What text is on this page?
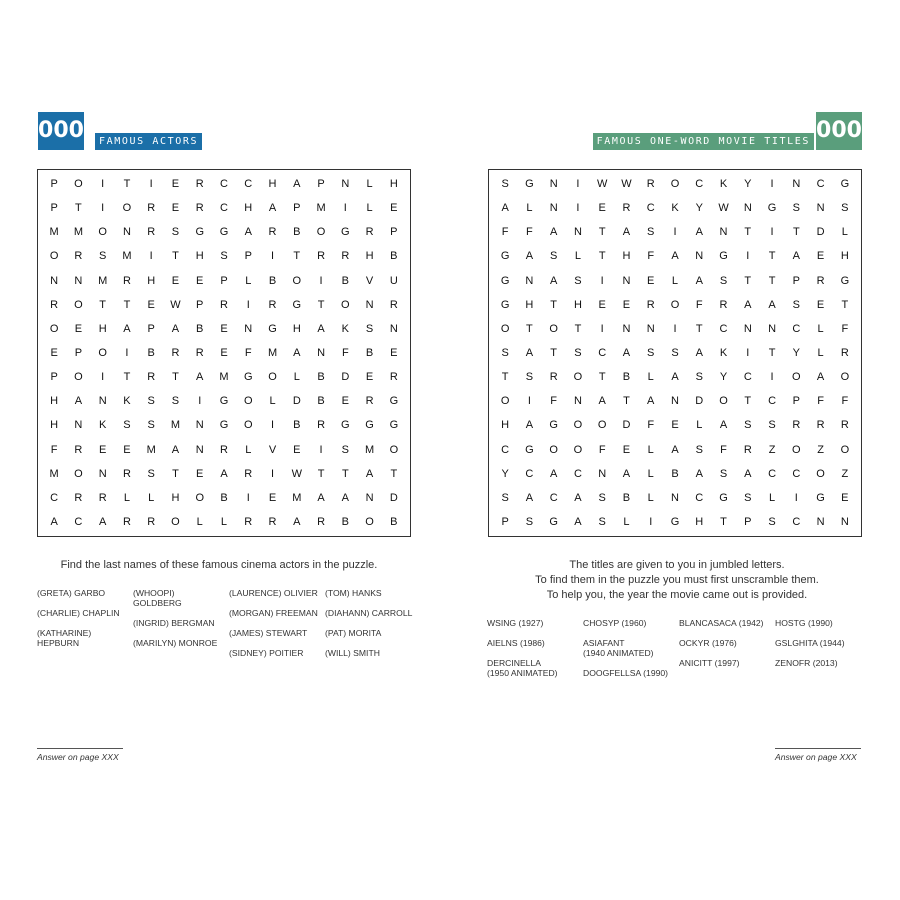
000	FAMOUS ACTORS
P	O	I	T	I	E	R	C	C	H	A	P	N	L	H
P	T	I	O	R	E	R	C	H	A	P	M	I	L	E
M	M	O	N	R	S	G	G	A	R	B	O	G	R	P
O	R	S	M	I	T	H	S	P	I	T	R	R	H	B
N	N	M	R	H	E	E	P	L	B	O	I	B	V	U
R	O	T	T	E	W	P	R	I	R	G	T	O	N	R
O	E	H	A	P	A	B	E	N	G	H	A	K	S	N
E	P	O	I	B	R	R	E	F	M	A	N	F	B	E
P	O	I	T	R	T	A	M	G	O	L	B	D	E	R
H	A	N	K	S	S	I	G	O	L	D	B	E	R	G
H	N	K	S	S	M	N	G	O	I	B	R	G	G	G
F	R	E	E	M	A	N	R	L	V	E	I	S	M	O
M	O	N	R	S	T	E	A	R	I	W	T	T	A	T
C	R	R	L	L	H	O	B	I	E	M	A	A	N	D
A	C	A	R	R	O	L	L	R	R	A	R	B	O	B
Find the last names of these famous cinema actors in the puzzle.
(GRETA) GARBO
(CHARLIE) CHAPLIN
(KATHARINE)
HEPBURN
(WHOOPI)
GOLDBERG
(INGRID) BERGMAN
(MARILYN) MONROE
(LAURENCE) OLIVIER
(MORGAN) FREEMAN
(JAMES) STEWART
(SIDNEY) POITIER
(TOM) HANKS
(DIAHANN) CARROLL
(PAT) MORITA
(WILL) SMITH
Answer on page XXX
000
FAMOUS ONE-WORD MOVIE TITLES
S	G	N	I	W	W	R	O	C	K	Y	I	N	C	G
A	L	N	I	E	R	C	K	Y	W	N	G	S	N	S
F	F	A	N	T	A	S	I	A	N	T	I	T	D	L
G	A	S	L	T	H	F	A	N	G	I	T	A	E	H
G	N	A	S	I	N	E	L	A	S	T	T	P	R	G
G	H	T	H	E	E	R	O	F	R	A	A	S	E	T
O	T	O	T	I	N	N	I	T	C	N	N	C	L	F
S	A	T	S	C	A	S	S	A	K	I	T	Y	L	R
T	S	R	O	T	B	L	A	S	Y	C	I	O	A	O
O	I	F	N	A	T	A	N	D	O	T	C	P	F	F
H	A	G	O	O	D	F	E	L	A	S	S	R	R	R
C	G	O	O	F	E	L	A	S	F	R	Z	O	Z	O
Y	C	A	C	N	A	L	B	A	S	A	C	C	O	Z
S	A	C	A	S	B	L	N	C	G	S	L	I	G	E
P	S	G	A	S	L	I	G	H	T	P	S	C	N	N
The titles are given to you in jumbled letters.
To find them in the puzzle you must first unscramble them.
To help you, the year the movie came out is provided.
WSING (1927)
AIELNS (1986)
DERCINELLA
(1950 ANIMATED)
CHOSYP (1960)
ASIAFANT
(1940 ANIMATED)
DOOGFELLSA (1990)
BLANCASACA (1942)
OCKYR (1976)
ANICITT (1997)
HOSTG (1990)
GSLGHITA (1944)
ZENOFR (2013)
Answer on page XXX
